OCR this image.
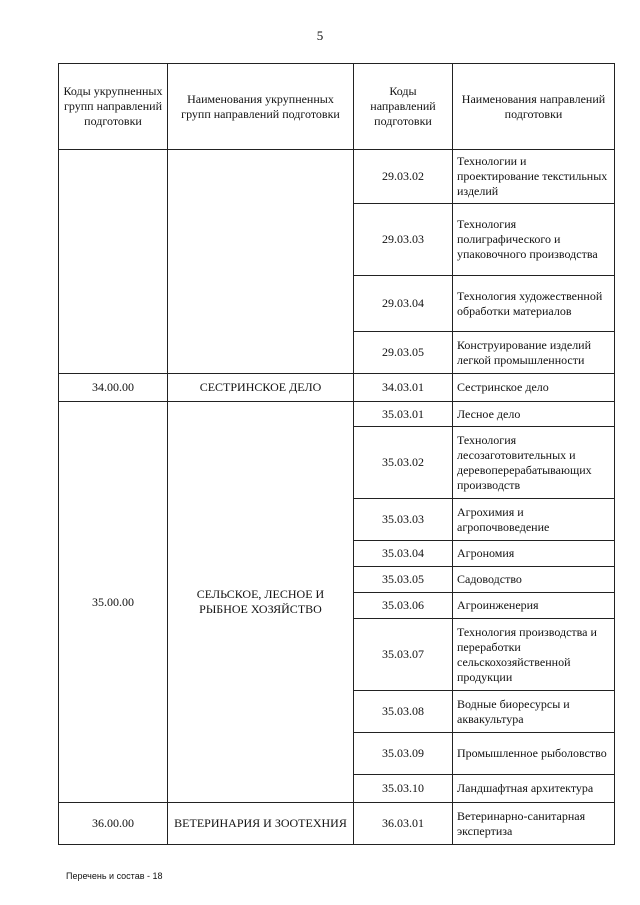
5
Коды укрупненных групп направлений подготовки	Наименования укрупненных групп направлений подготовки	Коды направлений подготовки	Наименования направлений подготовки
		29.03.02	Технологии и проектирование текстильных изделий
		29.03.03	Технология полиграфического и упаковочного производства
		29.03.04	Технология художественной обработки материалов
		29.03.05	Конструирование изделий легкой промышленности
34.00.00	СЕСТРИНСКОЕ ДЕЛО	34.03.01	Сестринское дело
35.00.00	СЕЛЬСКОЕ, ЛЕСНОЕ И РЫБНОЕ ХОЗЯЙСТВО	35.03.01	Лесное дело
		35.03.02	Технология лесозаготовительных и деревоперерабатывающих производств
		35.03.03	Агрохимия и агропочвоведение
		35.03.04	Агрономия
		35.03.05	Садоводство
		35.03.06	Агроинженерия
		35.03.07	Технология производства и переработки сельскохозяйственной продукции
		35.03.08	Водные биоресурсы и аквакультура
		35.03.09	Промышленное рыболовство
		35.03.10	Ландшафтная архитектура
36.00.00	ВЕТЕРИНАРИЯ И ЗООТЕХНИЯ	36.03.01	Ветеринарно-санитарная экспертиза
Перечень и состав - 18
